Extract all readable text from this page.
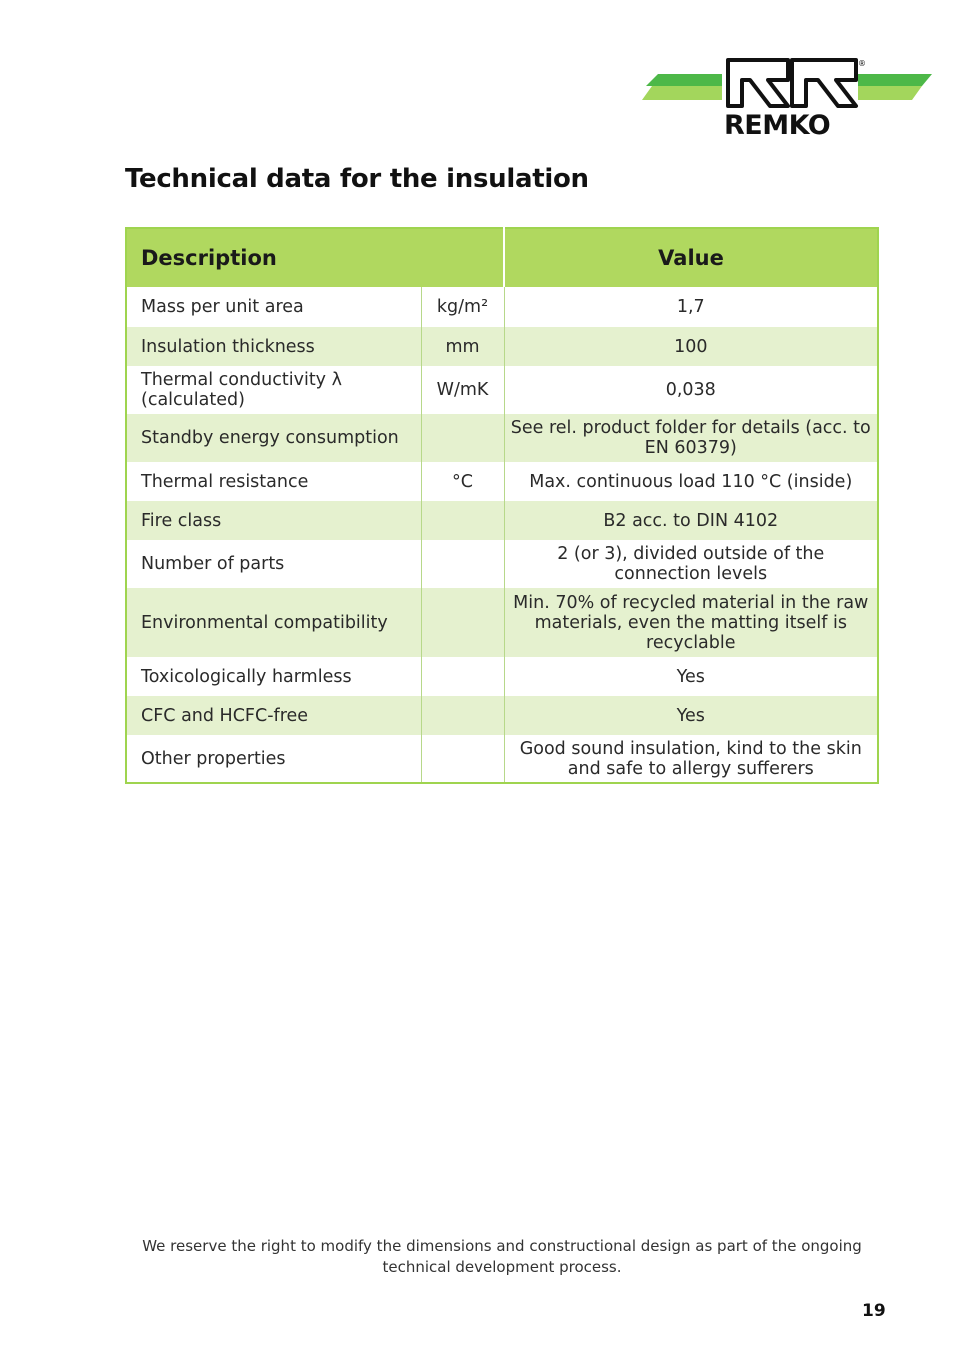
®
REMKO
Technical data for the insulation
Description		Value
Mass per unit area	kg/m²	1,7
Insulation thickness	mm	100
Thermal conductivity λ (calculated)	W/mK	0,038
Standby energy consumption		See rel. product folder for details (acc. to EN 60379)
Thermal resistance	°C	Max. continuous load 110 °C (inside)
Fire class		B2 acc. to DIN 4102
Number of parts		2 (or 3), divided outside of the connection levels
Environmental compatibility		Min. 70% of recycled material in the raw materials, even the matting itself is recyclable
Toxicologically harmless		Yes
CFC and HCFC-free		Yes
Other properties		Good sound insulation, kind to the skin and safe to allergy sufferers
We reserve the right to modify the dimensions and constructional design as part of the ongoing technical development process.
19
